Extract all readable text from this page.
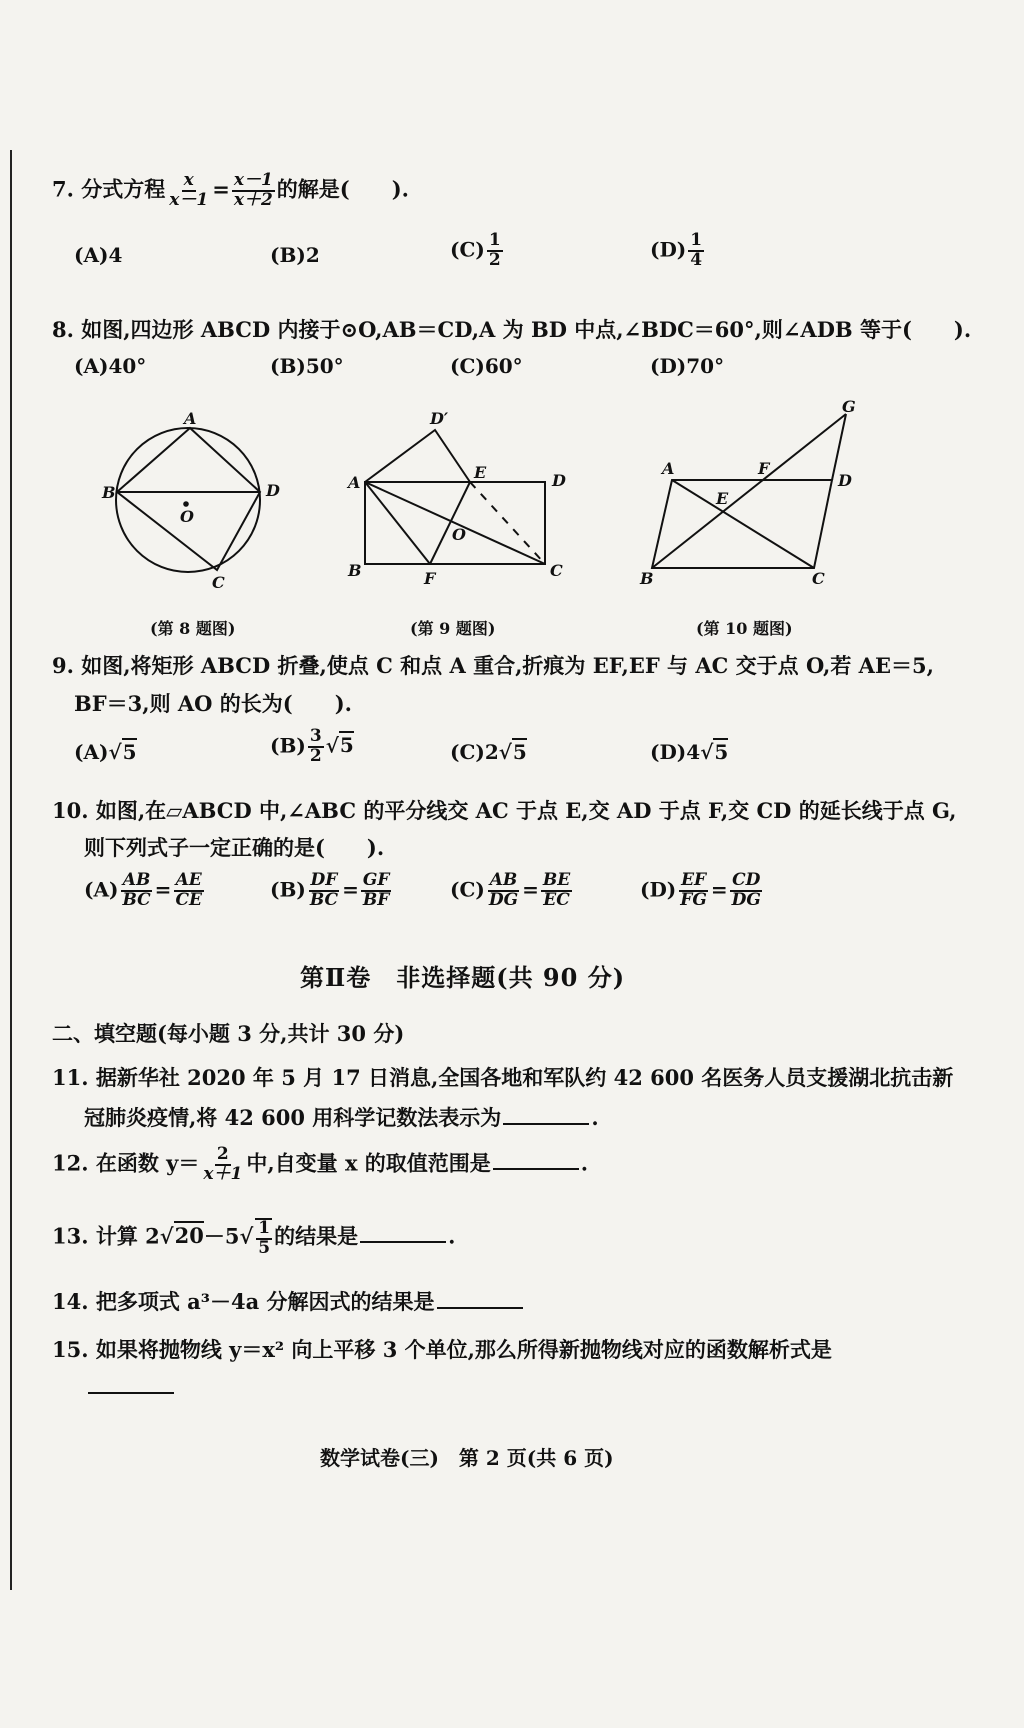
7. 分式方程 $\frac{x}{x-1} = \frac{x-1}{x+2}$ 的解是(　　).
(A)4	(B)2	$(C) \frac{1}{2}$	$(D) \frac{1}{4}$
8. 如图,四边形 ABCD 内接于⊙O,AB＝CD,A 为 BD 中点,∠BDC＝60°,则∠ADB 等于(　　).
(A)40°	(B)50°	(C)60°	(D)70°
A
B
C
D
O
D′
A
B	C
D
E
F
O
A
B	C
D
E
F
G
(第 8 题图)	(第 9 题图)	(第 10 题图)
9. 如图,将矩形 ABCD 折叠,使点 C 和点 A 重合,折痕为 EF,EF 与 AC 交于点 O,若 AE＝5,
BF＝3,则 AO 的长为(　　).
(A)√5	$(B) \frac{3}{2} √5$	(C)2√5	(D)4√5
10. 如图,在▱ABCD 中,∠ABC 的平分线交 AC 于点 E,交 AD 于点 F,交 CD 的延长线于点 G,
则下列式子一定正确的是(　　).
$(A) \frac{AB}{BC} = \frac{AE}{CE}$	$(B) \frac{DF}{BC} = \frac{GF}{BF}$	$(C) \frac{AB}{DG} = \frac{BE}{EC}$	$(D) \frac{EF}{FG} = \frac{CD}{DG}$
第Ⅱ卷　非选择题(共 90 分)
二、填空题(每小题 3 分,共计 30 分)
11. 据新华社 2020 年 5 月 17 日消息,全国各地和军队约 42 600 名医务人员支援湖北抗击新
冠肺炎疫情,将 42 600 用科学记数法表示为	.
12. 在函数 $y= \frac{2}{x+1}$ 中,自变量 x 的取值范围是	.
13. 计算 $2√20-5√ \frac{1}{5}$ 的结果是	.
14. 把多项式 a³－4a 分解因式的结果是
15. 如果将抛物线 y＝x² 向上平移 3 个单位,那么所得新抛物线对应的函数解析式是
数学试卷(三)　第 2 页(共 6 页)
